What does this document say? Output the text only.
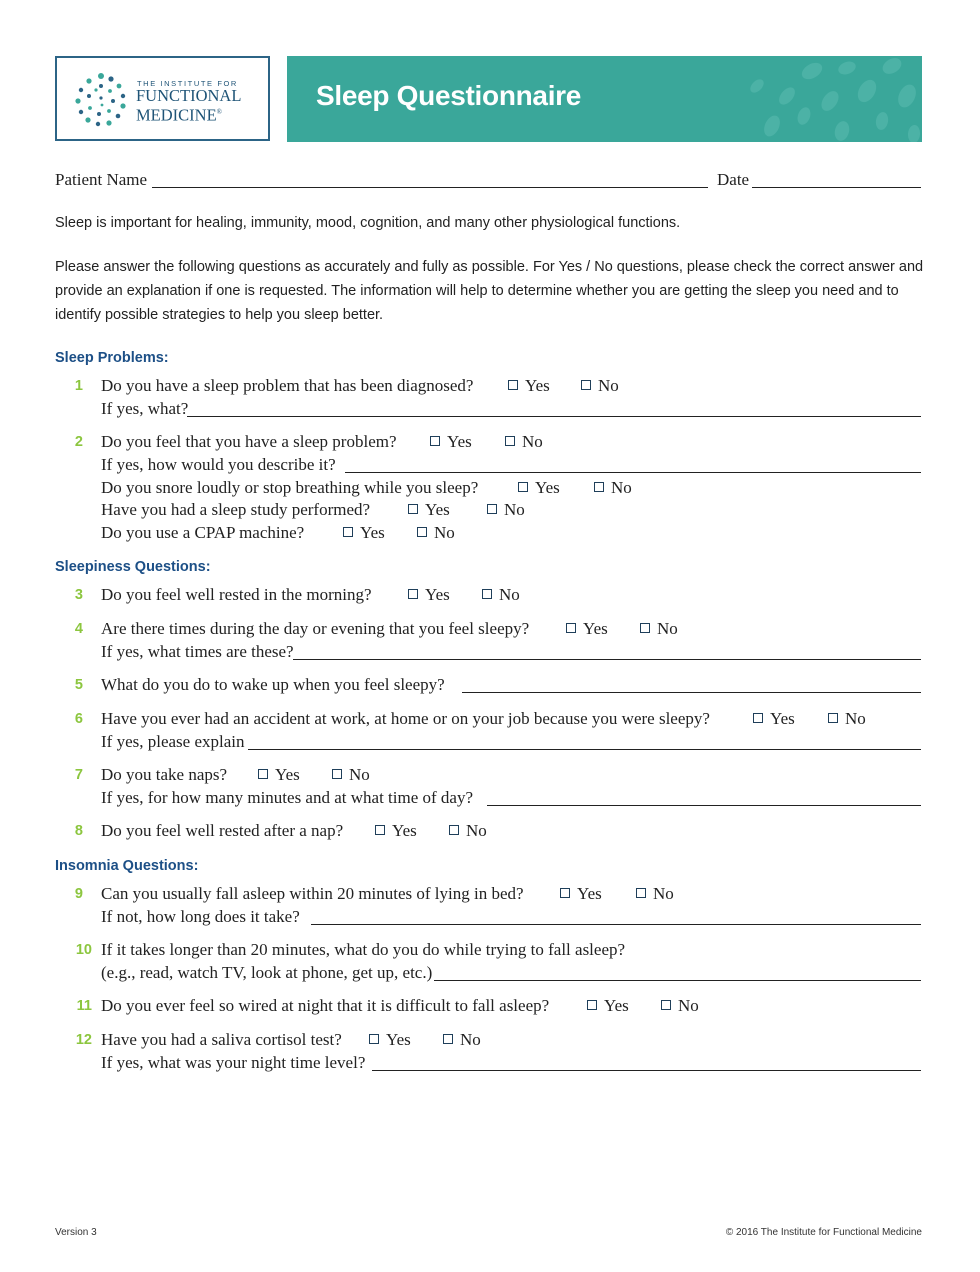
THE INSTITUTE FOR
FUNCTIONAL
MEDICINE®
Sleep Questionnaire
Patient Name	Date
Sleep is important for healing, immunity, mood, cognition, and many other physiological functions.
Please answer the following questions as accurately and fully as possible. For Yes / No questions, please check the correct answer and provide an explanation if one is requested. The information will help to determine whether you are getting the sleep you need and to identify possible strategies to help you sleep better.
Sleep Problems:
1 Do you have a sleep problem that has been diagnosed?	Yes	No
If yes, what?
2 Do you feel that you have a sleep problem?	Yes	No
If yes, how would you describe it?
Do you snore loudly or stop breathing while you sleep?	Yes	No
Have you had a sleep study performed?	Yes	No
Do you use a CPAP machine?	Yes	No
Sleepiness Questions:
3 Do you feel well rested in the morning?	Yes	No
4 Are there times during the day or evening that you feel sleepy?	Yes	No
If yes, what times are these?
5 What do you do to wake up when you feel sleepy?
6 Have you ever had an accident at work, at home or on your job because you were sleepy?	Yes	No
If yes, please explain
7 Do you take naps?	Yes	No
If yes, for how many minutes and at what time of day?
8 Do you feel well rested after a nap?	Yes	No
Insomnia Questions:
9 Can you usually fall asleep within 20 minutes of lying in bed?	Yes	No
If not, how long does it take?
10 If it takes longer than 20 minutes, what do you do while trying to fall asleep?
(e.g., read, watch TV, look at phone, get up, etc.)
11 Do you ever feel so wired at night that it is difficult to fall asleep?	Yes	No
12 Have you had a saliva cortisol test?	Yes	No
If yes, what was your night time level?
Version 3	© 2016 The Institute for Functional Medicine
